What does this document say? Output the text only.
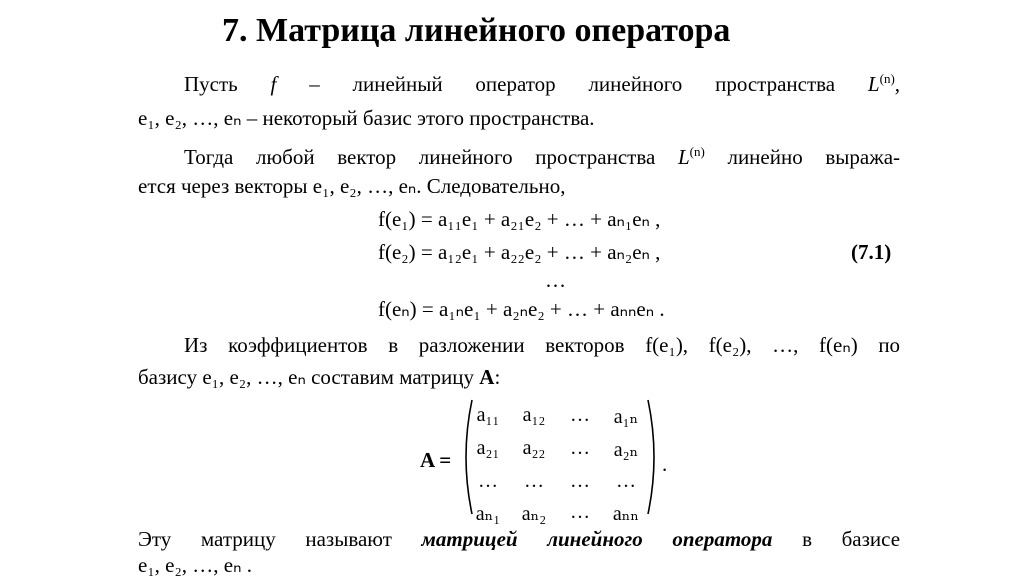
7. Матрица линейного оператора
Пусть f – линейный оператор линейного пространства $L^{(n)}$,
e₁, e₂, …, eₙ – некоторый базис этого пространства.
Тогда любой вектор линейного пространства $L^{(n)}$ линейно выража-
ется через векторы e₁, e₂, …, eₙ. Следовательно,
f(e₁) = a₁₁e₁ + a₂₁e₂ + … + aₙ₁eₙ ,
f(e₂) = a₁₂e₁ + a₂₂e₂ + … + aₙ₂eₙ ,	(7.1)
…
f(eₙ) = a₁ₙe₁ + a₂ₙe₂ + … + aₙₙeₙ .
Из коэффициентов в разложении векторов f(e₁), f(e₂), …, f(eₙ) по
базису e₁, e₂, …, eₙ составим матрицу A:
A =
a₁₁	a₁₂	…	a₁ₙ
a₂₁	a₂₂	…	a₂ₙ
…	…	…	…
aₙ₁ aₙ₂	…	aₙₙ
.
Эту матрицу называют матрицей линейного оператора в базисе
e₁, e₂, …, eₙ .
